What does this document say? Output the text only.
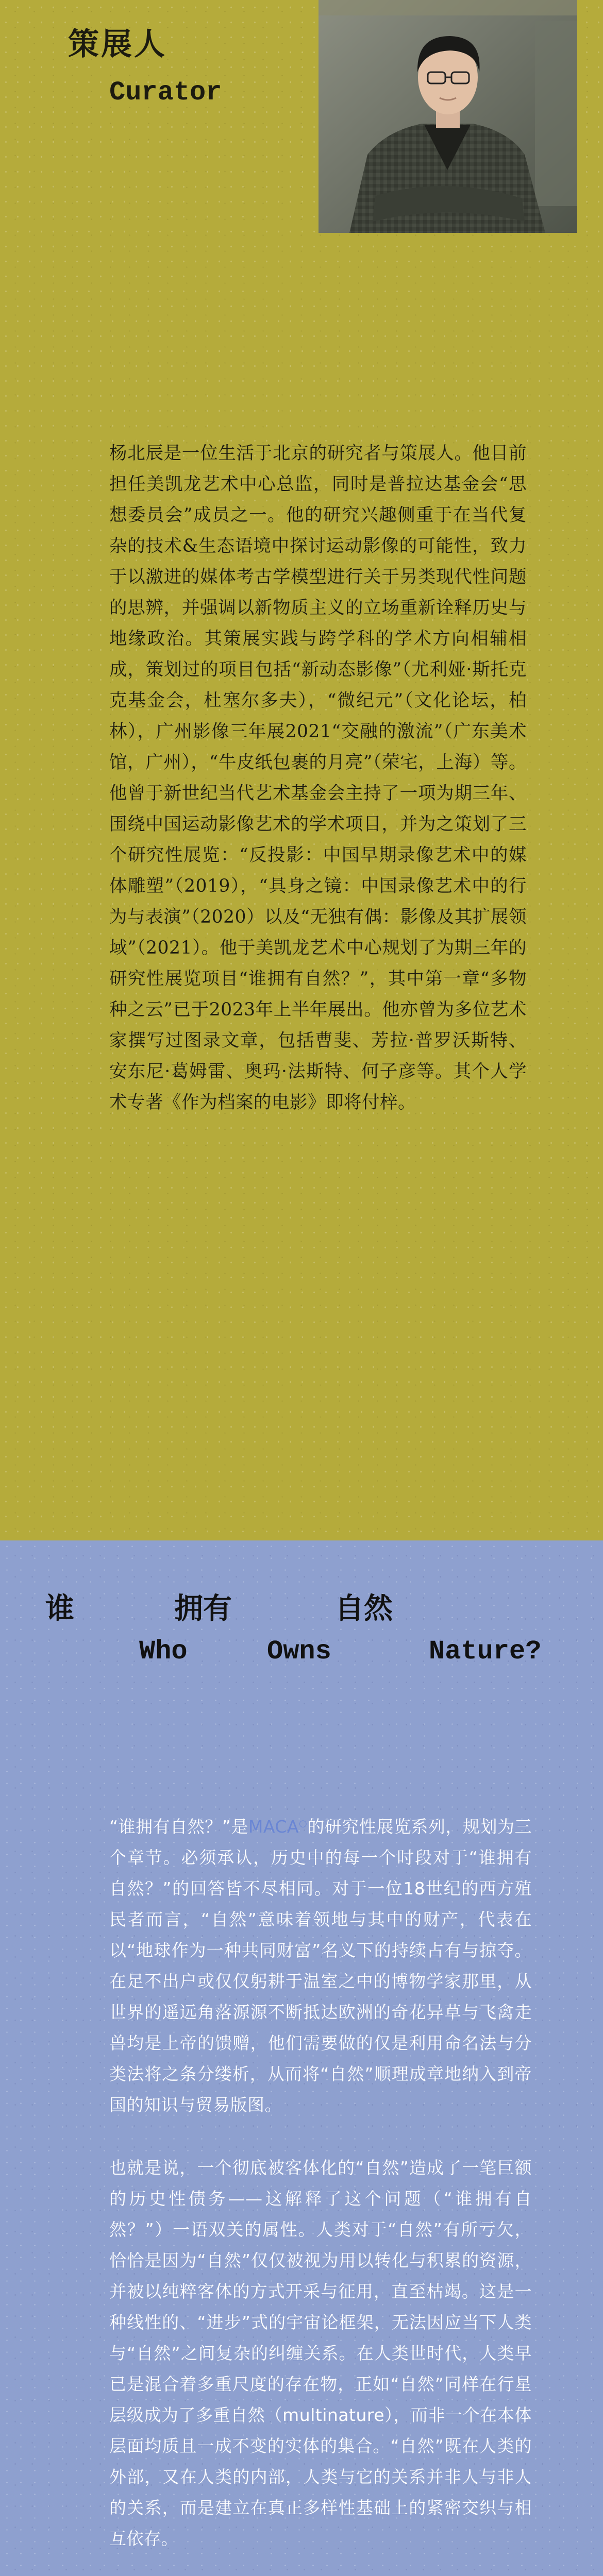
策展人
Curator

杨北辰是一位生活于北京的研究者与策展人。他目前担任美凯龙艺术中心总监，同时是普拉达基金会“思想委员会”成员之一。他的研究兴趣侧重于在当代复杂的技术&生态语境中探讨运动影像的可能性，致力于以激进的媒体考古学模型进行关于另类现代性问题的思辨，并强调以新物质主义的立场重新诠释历史与地缘政治。其策展实践与跨学科的学术方向相辅相成，策划过的项目包括“新动态影像”（尤利娅·斯托克克基金会，杜塞尔多夫），“微纪元”（文化论坛，柏林），广州影像三年展2021“交融的激流”（广东美术馆，广州），“牛皮纸包裹的月亮”（荣宅，上海）等。他曾于新世纪当代艺术基金会主持了一项为期三年、围绕中国运动影像艺术的学术项目，并为之策划了三个研究性展览：“反投影：中国早期录像艺术中的媒体雕塑”（2019），“具身之镜：中国录像艺术中的行为与表演”（2020）以及“无独有偶：影像及其扩展领域”（2021）。他于美凯龙艺术中心规划了为期三年的研究性展览项目“谁拥有自然？”，其中第一章“多物种之云”已于2023年上半年展出。他亦曾为多位艺术家撰写过图录文章，包括曹斐、芳拉·普罗沃斯特、安东尼·葛姆雷、奥玛·法斯特、何子彦等。其个人学术专著《作为档案的电影》即将付梓。

谁	拥有	自然
Who	Owns	Nature?

“谁拥有自然？”是MACA○的研究性展览系列，规划为三个章节。必须承认，历史中的每一个时段对于“谁拥有自然？”的回答皆不尽相同。对于一位18世纪的西方殖民者而言，“自然”意味着领地与其中的财产，代表在以“地球作为一种共同财富”名义下的持续占有与掠夺。在足不出户或仅仅躬耕于温室之中的博物学家那里，从世界的遥远角落源源不断抵达欧洲的奇花异草与飞禽走兽均是上帝的馈赠，他们需要做的仅是利用命名法与分类法将之条分缕析，从而将“自然”顺理成章地纳入到帝国的知识与贸易版图。

也就是说，一个彻底被客体化的“自然”造成了一笔巨额的历史性债务——这解释了这个问题（“谁拥有自然？”）一语双关的属性。人类对于“自然”有所亏欠，恰恰是因为“自然”仅仅被视为用以转化与积累的资源，并被以纯粹客体的方式开采与征用，直至枯竭。这是一种线性的、“进步”式的宇宙论框架，无法因应当下人类与“自然”之间复杂的纠缠关系。在人类世时代，人类早已是混合着多重尺度的存在物，正如“自然”同样在行星层级成为了多重自然（multinature），而非一个在本体层面均质且一成不变的实体的集合。“自然”既在人类的外部，又在人类的内部，人类与它的关系并非人与非人的关系，而是建立在真正多样性基础上的紧密交织与相互依存。
